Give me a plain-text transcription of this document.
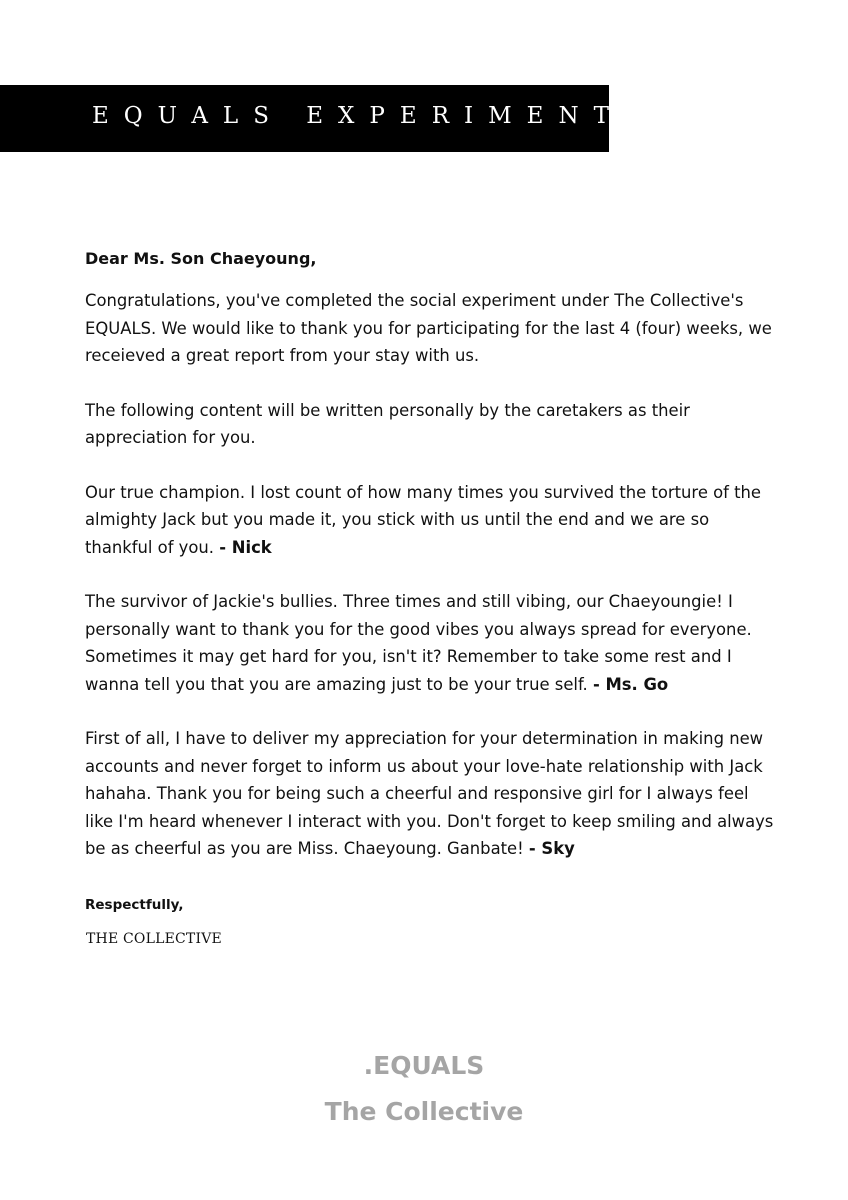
EQUALS EXPERIMENT

Dear Ms. Son Chaeyoung,

Congratulations, you've completed the social experiment under The Collective's EQUALS. We would like to thank you for participating for the last 4 (four) weeks, we receieved a great report from your stay with us.

The following content will be written personally by the caretakers as their appreciation for you.

Our true champion. I lost count of how many times you survived the torture of the almighty Jack but you made it, you stick with us until the end and we are so thankful of you. - Nick

The survivor of Jackie's bullies. Three times and still vibing, our Chaeyoungie! I personally want to thank you for the good vibes you always spread for everyone. Sometimes it may get hard for you, isn't it? Remember to take some rest and I wanna tell you that you are amazing just to be your true self. - Ms. Go

First of all, I have to deliver my appreciation for your determination in making new accounts and never forget to inform us about your love-hate relationship with Jack hahaha. Thank you for being such a cheerful and responsive girl for I always feel like I'm heard whenever I interact with you. Don't forget to keep smiling and always be as cheerful as you are Miss. Chaeyoung. Ganbate! - Sky

Respectfully,

THE COLLECTIVE

.EQUALS

The Collective
